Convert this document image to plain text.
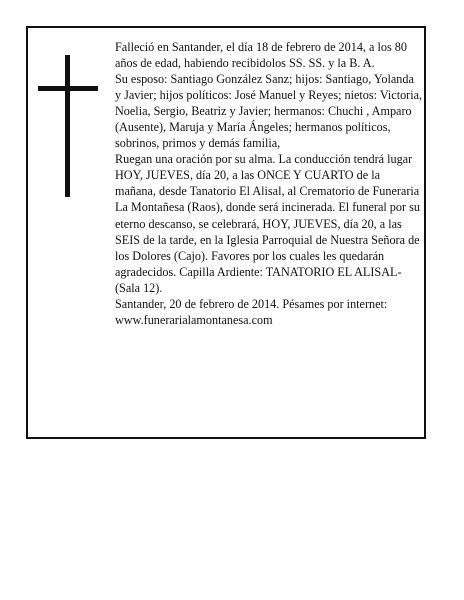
Falleció en Santander, el día 18 de febrero de 2014, a los 80 años de edad, habiendo recibidolos SS. SS. y la B. A.

Su esposo: Santiago González Sanz; hijos: Santiago, Yolanda y Javier; hijos políticos: José Manuel y Reyes; nietos: Victoria, Noelia, Sergio, Beatriz y Javier; hermanos: Chuchi , Amparo (Ausente), Maruja y María Ángeles; hermanos políticos, sobrinos, primos y demás familia,

Ruegan una oración por su alma. La conducción tendrá lugar HOY, JUEVES, día 20, a las ONCE Y CUARTO de la mañana, desde Tanatorio El Alisal, al Crematorio de Funeraria La Montañesa (Raos), donde será incinerada. El funeral por su eterno descanso, se celebrará, HOY, JUEVES, día 20, a las SEIS de la tarde, en la Iglesia Parroquial de Nuestra Señora de los Dolores (Cajo). Favores por los cuales les quedarán agradecidos. Capilla Ardiente: TANATORIO EL ALISAL-(Sala 12).

Santander, 20 de febrero de 2014. Pésames por internet: www.funerarialamontanesa.com
